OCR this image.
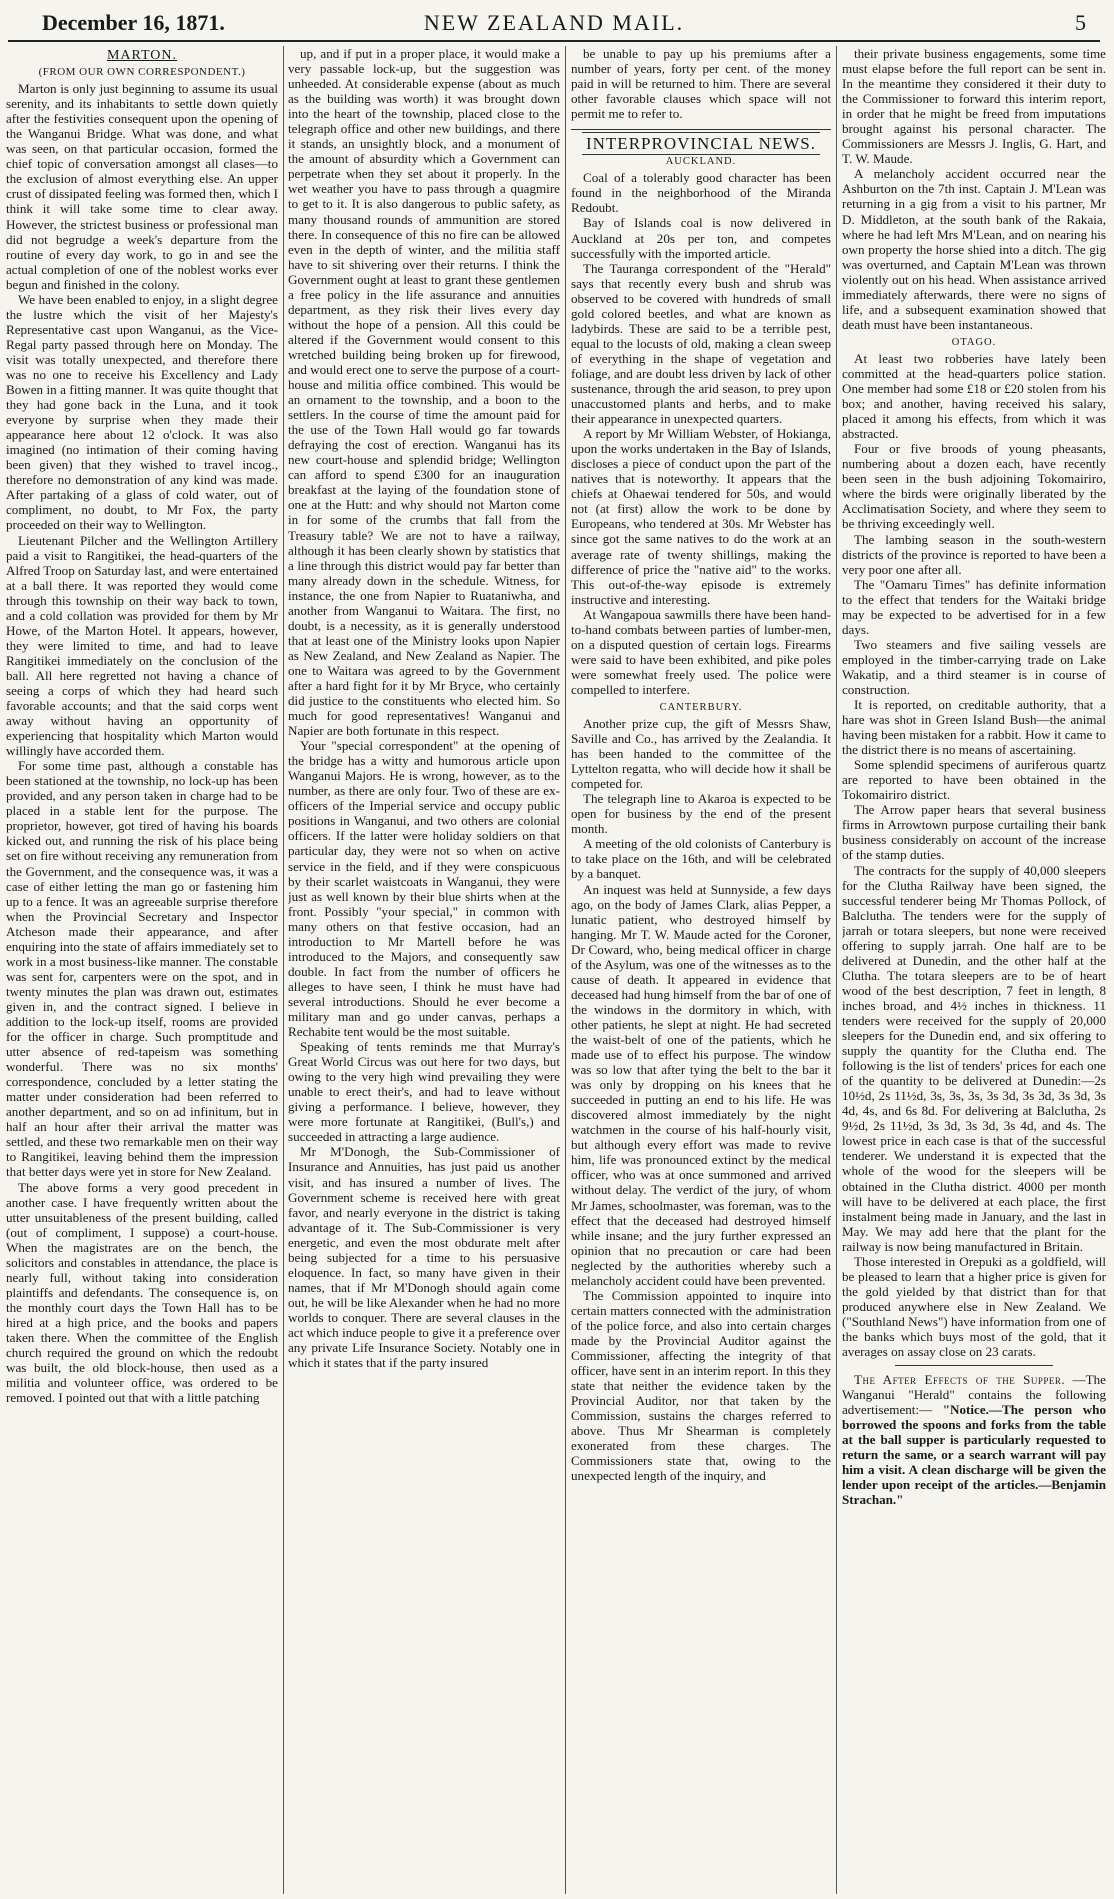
December 16, 1871.	NEW ZEALAND MAIL.	5
MARTON.
(FROM OUR OWN CORRESPONDENT.)

Marton is only just beginning to assume its usual serenity, and its inhabitants to settle down quietly after the festivities consequent upon the opening of the Wanganui Bridge. What was done, and what was seen, on that particular occasion, formed the chief topic of conversation amongst all clases—to the exclusion of almost everything else. An upper crust of dissipated feeling was formed then, which I think it will take some time to clear away. However, the strictest business or professional man did not begrudge a week's departure from the routine of every day work, to go in and see the actual completion of one of the noblest works ever begun and finished in the colony.

We have been enabled to enjoy, in a slight degree the lustre which the visit of her Majesty's Representative cast upon Wanganui, as the Vice-Regal party passed through here on Monday. The visit was totally unexpected, and therefore there was no one to receive his Excellency and Lady Bowen in a fitting manner. It was quite thought that they had gone back in the Luna, and it took everyone by surprise when they made their appearance here about 12 o'clock. It was also imagined (no intimation of their coming having been given) that they wished to travel incog., therefore no demonstration of any kind was made. After partaking of a glass of cold water, out of compliment, no doubt, to Mr Fox, the party proceeded on their way to Wellington.

Lieutenant Pilcher and the Wellington Artillery paid a visit to Rangitikei, the head-quarters of the Alfred Troop on Saturday last, and were entertained at a ball there. It was reported they would come through this township on their way back to town, and a cold collation was provided for them by Mr Howe, of the Marton Hotel. It appears, however, they were limited to time, and had to leave Rangitikei immediately on the conclusion of the ball. All here regretted not having a chance of seeing a corps of which they had heard such favorable accounts; and that the said corps went away without having an opportunity of experiencing that hospitality which Marton would willingly have accorded them.

For some time past, although a constable has been stationed at the township, no lock-up has been provided, and any person taken in charge had to be placed in a stable lent for the purpose. The proprietor, however, got tired of having his boards kicked out, and running the risk of his place being set on fire without receiving any remuneration from the Government, and the consequence was, it was a case of either letting the man go or fastening him up to a fence. It was an agreeable surprise therefore when the Provincial Secretary and Inspector Atcheson made their appearance, and after enquiring into the state of affairs immediately set to work in a most business-like manner. The constable was sent for, carpenters were on the spot, and in twenty minutes the plan was drawn out, estimates given in, and the contract signed. I believe in addition to the lock-up itself, rooms are provided for the officer in charge. Such promptitude and utter absence of red-tapeism was something wonderful. There was no six months' correspondence, concluded by a letter stating the matter under consideration had been referred to another department, and so on ad infinitum, but in half an hour after their arrival the matter was settled, and these two remarkable men on their way to Rangitikei, leaving behind them the impression that better days were yet in store for New Zealand.

The above forms a very good precedent in another case. I have frequently written about the utter unsuitableness of the present building, called (out of compliment, I suppose) a court-house. When the magistrates are on the bench, the solicitors and constables in attendance, the place is nearly full, without taking into consideration plaintiffs and defendants. The consequence is, on the monthly court days the Town Hall has to be hired at a high price, and the books and papers taken there. When the committee of the English church required the ground on which the redoubt was built, the old block-house, then used as a militia and volunteer office, was ordered to be removed. I pointed out that with a little patching

up, and if put in a proper place, it would make a very passable lock-up, but the suggestion was unheeded. At considerable expense (about as much as the building was worth) it was brought down into the heart of the township, placed close to the telegraph office and other new buildings, and there it stands, an unsightly block, and a monument of the amount of absurdity which a Government can perpetrate when they set about it properly. In the wet weather you have to pass through a quagmire to get to it. It is also dangerous to public safety, as many thousand rounds of ammunition are stored there. In consequence of this no fire can be allowed even in the depth of winter, and the militia staff have to sit shivering over their returns. I think the Government ought at least to grant these gentlemen a free policy in the life assurance and annuities department, as they risk their lives every day without the hope of a pension. All this could be altered if the Government would consent to this wretched building being broken up for firewood, and would erect one to serve the purpose of a court-house and militia office combined. This would be an ornament to the township, and a boon to the settlers. In the course of time the amount paid for the use of the Town Hall would go far towards defraying the cost of erection. Wanganui has its new court-house and splendid bridge; Wellington can afford to spend £300 for an inauguration breakfast at the laying of the foundation stone of one at the Hutt: and why should not Marton come in for some of the crumbs that fall from the Treasury table? We are not to have a railway, although it has been clearly shown by statistics that a line through this district would pay far better than many already down in the schedule. Witness, for instance, the one from Napier to Ruataniwha, and another from Wanganui to Waitara. The first, no doubt, is a necessity, as it is generally understood that at least one of the Ministry looks upon Napier as New Zealand, and New Zealand as Napier. The one to Waitara was agreed to by the Government after a hard fight for it by Mr Bryce, who certainly did justice to the constituents who elected him. So much for good representatives! Wanganui and Napier are both fortunate in this respect.

Your "special correspondent" at the opening of the bridge has a witty and humorous article upon Wanganui Majors. He is wrong, however, as to the number, as there are only four. Two of these are ex-officers of the Imperial service and occupy public positions in Wanganui, and two others are colonial officers. If the latter were holiday soldiers on that particular day, they were not so when on active service in the field, and if they were conspicuous by their scarlet waistcoats in Wanganui, they were just as well known by their blue shirts when at the front. Possibly "your special," in common with many others on that festive occasion, had an introduction to Mr Martell before he was introduced to the Majors, and consequently saw double. In fact from the number of officers he alleges to have seen, I think he must have had several introductions. Should he ever become a military man and go under canvas, perhaps a Rechabite tent would be the most suitable.

Speaking of tents reminds me that Murray's Great World Circus was out here for two days, but owing to the very high wind prevailing they were unable to erect their's, and had to leave without giving a performance. I believe, however, they were more fortunate at Rangitikei, (Bull's,) and succeeded in attracting a large audience.

Mr M'Donogh, the Sub-Commissioner of Insurance and Annuities, has just paid us another visit, and has insured a number of lives. The Government scheme is received here with great favor, and nearly everyone in the district is taking advantage of it. The Sub-Commissioner is very energetic, and even the most obdurate melt after being subjected for a time to his persuasive eloquence. In fact, so many have given in their names, that if Mr M'Donogh should again come out, he will be like Alexander when he had no more worlds to conquer. There are several clauses in the act which induce people to give it a preference over any private Life Insurance Society. Notably one in which it states that if the party insured

be unable to pay up his premiums after a number of years, forty per cent. of the money paid in will be returned to him. There are several other favorable clauses which space will not permit me to refer to.

INTERPROVINCIAL NEWS.
AUCKLAND.

Coal of a tolerably good character has been found in the neighborhood of the Miranda Redoubt.

Bay of Islands coal is now delivered in Auckland at 20s per ton, and competes successfully with the imported article.

The Tauranga correspondent of the "Herald" says that recently every bush and shrub was observed to be covered with hundreds of small gold colored beetles, and what are known as ladybirds. These are said to be a terrible pest, equal to the locusts of old, making a clean sweep of everything in the shape of vegetation and foliage, and are doubt less driven by lack of other sustenance, through the arid season, to prey upon unaccustomed plants and herbs, and to make their appearance in unexpected quarters.

A report by Mr William Webster, of Hokianga, upon the works undertaken in the Bay of Islands, discloses a piece of conduct upon the part of the natives that is noteworthy. It appears that the chiefs at Ohaewai tendered for 50s, and would not (at first) allow the work to be done by Europeans, who tendered at 30s. Mr Webster has since got the same natives to do the work at an average rate of twenty shillings, making the difference of price the "native aid" to the works. This out-of-the-way episode is extremely instructive and interesting.

At Wangapoua sawmills there have been hand-to-hand combats between parties of lumber-men, on a disputed question of certain logs. Firearms were said to have been exhibited, and pike poles were somewhat freely used. The police were compelled to interfere.

CANTERBURY.

Another prize cup, the gift of Messrs Shaw, Saville and Co., has arrived by the Zealandia. It has been handed to the committee of the Lyttelton regatta, who will decide how it shall be competed for.

The telegraph line to Akaroa is expected to be open for business by the end of the present month.

A meeting of the old colonists of Canterbury is to take place on the 16th, and will be celebrated by a banquet.

An inquest was held at Sunnyside, a few days ago, on the body of James Clark, alias Pepper, a lunatic patient, who destroyed himself by hanging. Mr T. W. Maude acted for the Coroner, Dr Coward, who, being medical officer in charge of the Asylum, was one of the witnesses as to the cause of death. It appeared in evidence that deceased had hung himself from the bar of one of the windows in the dormitory in which, with other patients, he slept at night. He had secreted the waist-belt of one of the patients, which he made use of to effect his purpose. The window was so low that after tying the belt to the bar it was only by dropping on his knees that he succeeded in putting an end to his life. He was discovered almost immediately by the night watchmen in the course of his half-hourly visit, but although every effort was made to revive him, life was pronounced extinct by the medical officer, who was at once summoned and arrived without delay. The verdict of the jury, of whom Mr James, schoolmaster, was foreman, was to the effect that the deceased had destroyed himself while insane; and the jury further expressed an opinion that no precaution or care had been neglected by the authorities whereby such a melancholy accident could have been prevented.

The Commission appointed to inquire into certain matters connected with the administration of the police force, and also into certain charges made by the Provincial Auditor against the Commissioner, affecting the integrity of that officer, have sent in an interim report. In this they state that neither the evidence taken by the Provincial Auditor, nor that taken by the Commission, sustains the charges referred to above. Thus Mr Shearman is completely exonerated from these charges. The Commissioners state that, owing to the unexpected length of the inquiry, and

their private business engagements, some time must elapse before the full report can be sent in. In the meantime they considered it their duty to the Commissioner to forward this interim report, in order that he might be freed from imputations brought against his personal character. The Commissioners are Messrs J. Inglis, G. Hart, and T. W. Maude.

A melancholy accident occurred near the Ashburton on the 7th inst. Captain J. M'Lean was returning in a gig from a visit to his partner, Mr D. Middleton, at the south bank of the Rakaia, where he had left Mrs M'Lean, and on nearing his own property the horse shied into a ditch. The gig was overturned, and Captain M'Lean was thrown violently out on his head. When assistance arrived immediately afterwards, there were no signs of life, and a subsequent examination showed that death must have been instantaneous.

OTAGO.

At least two robberies have lately been committed at the head-quarters police station. One member had some £18 or £20 stolen from his box; and another, having received his salary, placed it among his effects, from which it was abstracted.

Four or five broods of young pheasants, numbering about a dozen each, have recently been seen in the bush adjoining Tokomairiro, where the birds were originally liberated by the Acclimatisation Society, and where they seem to be thriving exceedingly well.

The lambing season in the south-western districts of the province is reported to have been a very poor one after all.

The "Oamaru Times" has definite information to the effect that tenders for the Waitaki bridge may be expected to be advertised for in a few days.

Two steamers and five sailing vessels are employed in the timber-carrying trade on Lake Wakatip, and a third steamer is in course of construction.

It is reported, on creditable authority, that a hare was shot in Green Island Bush—the animal having been mistaken for a rabbit. How it came to the district there is no means of ascertaining.

Some splendid specimens of auriferous quartz are reported to have been obtained in the Tokomairiro district.

The Arrow paper hears that several business firms in Arrowtown purpose curtailing their bank business considerably on account of the increase of the stamp duties.

The contracts for the supply of 40,000 sleepers for the Clutha Railway have been signed, the successful tenderer being Mr Thomas Pollock, of Balclutha. The tenders were for the supply of jarrah or totara sleepers, but none were received offering to supply jarrah. One half are to be delivered at Dunedin, and the other half at the Clutha. The totara sleepers are to be of heart wood of the best description, 7 feet in length, 8 inches broad, and 4½ inches in thickness. 11 tenders were received for the supply of 20,000 sleepers for the Dunedin end, and six offering to supply the quantity for the Clutha end. The following is the list of tenders' prices for each one of the quantity to be delivered at Dunedin:—2s 10½d, 2s 11½d, 3s, 3s, 3s, 3s 3d, 3s 3d, 3s 3d, 3s 4d, 4s, and 6s 8d. For delivering at Balclutha, 2s 9½d, 2s 11½d, 3s 3d, 3s 3d, 3s 4d, and 4s. The lowest price in each case is that of the successful tenderer. We understand it is expected that the whole of the wood for the sleepers will be obtained in the Clutha district. 4000 per month will have to be delivered at each place, the first instalment being made in January, and the last in May. We may add here that the plant for the railway is now being manufactured in Britain.

Those interested in Orepuki as a goldfield, will be pleased to learn that a higher price is given for the gold yielded by that district than for that produced anywhere else in New Zealand. We ("Southland News") have information from one of the banks which buys most of the gold, that it averages on assay close on 23 carats.

The After Effects of the Supper. —The Wanganui "Herald" contains the following advertisement:— "Notice.—The person who borrowed the spoons and forks from the table at the ball supper is particularly requested to return the same, or a search warrant will pay him a visit. A clean discharge will be given the lender upon receipt of the articles.—Benjamin Strachan."
